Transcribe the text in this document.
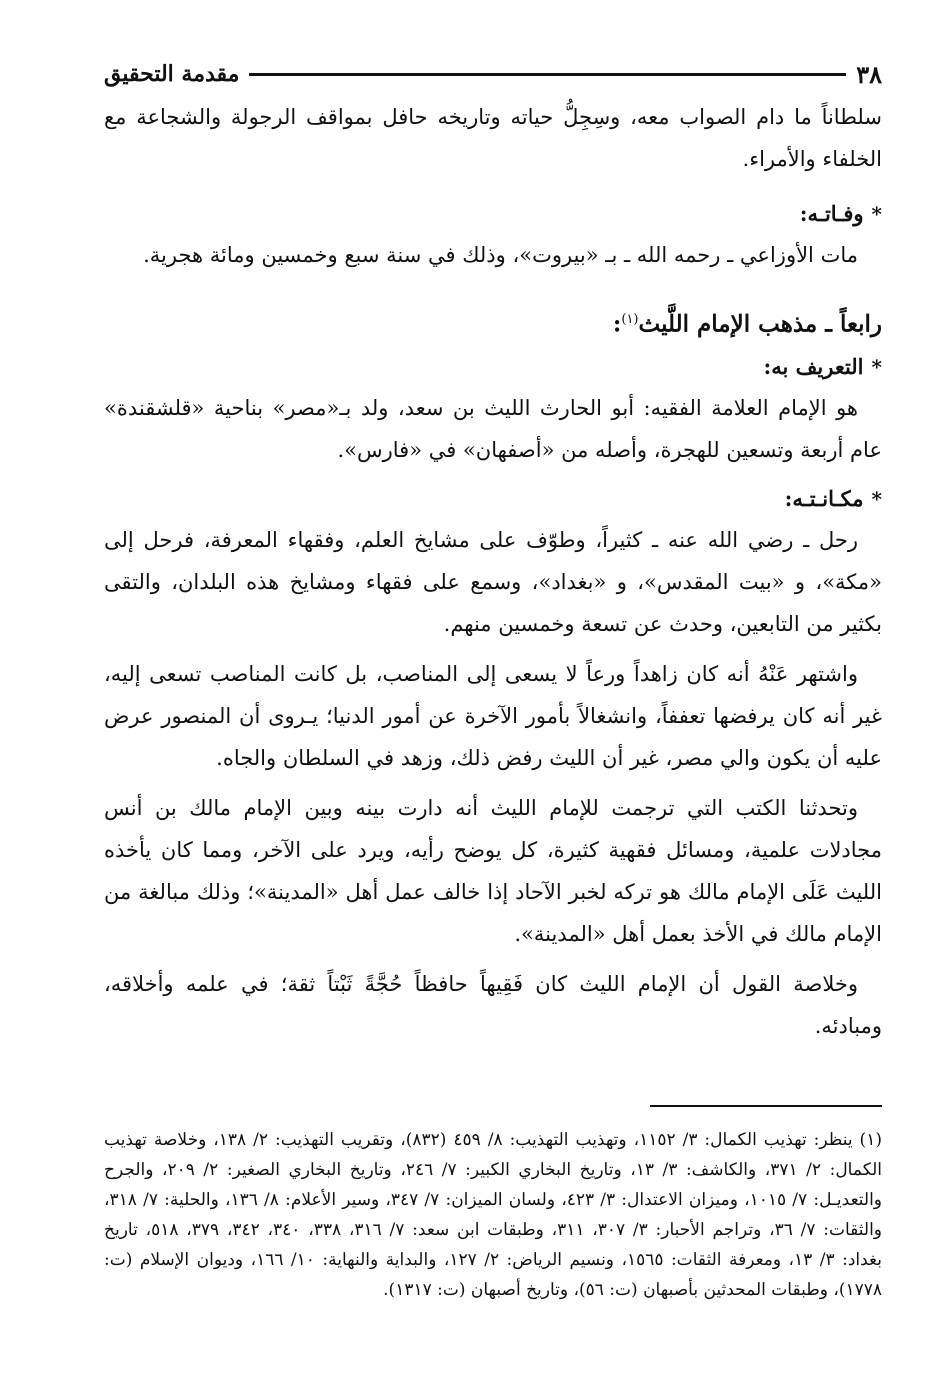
٣٨
مقدمة التحقيق

سلطاناً ما دام الصواب معه، وسِجِلُّ حياته وتاريخه حافل بمواقف الرجولة والشجاعة مع الخلفاء والأمراء.

*وفـاتـه:

مات الأوزاعي ـ رحمه الله ـ بـ «بيروت»، وذلك في سنة سبع وخمسين ومائة هجرية.

رابعاً ـ مذهب الإمام اللَّيث$^{(١)}$:
*التعريف به:

هو الإمام العلامة الفقيه: أبو الحارث الليث بن سعد، ولد بـ«مصر» بناحية «قلشقندة» عام أربعة وتسعين للهجرة، وأصله من «أصفهان» في «فارس».

*مكـانـتـه:

رحل ـ رضي الله عنه ـ كثيراً، وطوّف على مشايخ العلم، وفقهاء المعرفة، فرحل إلى «مكة»، و «بيت المقدس»، و «بغداد»، وسمع على فقهاء ومشايخ هذه البلدان، والتقى بكثير من التابعين، وحدث عن تسعة وخمسين منهم.

واشتهر عَنْهُ أنه كان زاهداً ورعاً لا يسعى إلى المناصب، بل كانت المناصب تسعى إليه، غير أنه كان يرفضها تعففاً، وانشغالاً بأمور الآخرة عن أمور الدنيا؛ يـروى أن المنصور عرض عليه أن يكون والي مصر، غير أن الليث رفض ذلك، وزهد في السلطان والجاه.

وتحدثنا الكتب التي ترجمت للإمام الليث أنه دارت بينه وبين الإمام مالك بن أنس مجادلات علمية، ومسائل فقهية كثيرة، كل يوضح رأيه، ويرد على الآخر، ومما كان يأخذه الليث عَلَى الإمام مالك هو تركه لخبر الآحاد إذا خالف عمل أهل «المدينة»؛ وذلك مبالغة من الإمام مالك في الأخذ بعمل أهل «المدينة».

وخلاصة القول أن الإمام الليث كان فَقِيهاً حافظاً حُجَّةً ثَبْتاً ثقة؛ في علمه وأخلاقه، ومبادئه.

(١) ينظر: تهذيب الكمال: ٣/ ١١٥٢، وتهذيب التهذيب: ٨/ ٤٥٩ (٨٣٢)، وتقريب التهذيب: ٢/ ١٣٨، وخلاصة تهذيب الكمال: ٢/ ٣٧١، والكاشف: ٣/ ١٣، وتاريخ البخاري الكبير: ٧/ ٢٤٦، وتاريخ البخاري الصغير: ٢/ ٢٠٩، والجرح والتعديـل: ٧/ ١٠١٥، وميزان الاعتدال: ٣/ ٤٢٣، ولسان الميزان: ٧/ ٣٤٧، وسير الأعلام: ٨/ ١٣٦، والحلية: ٧/ ٣١٨، والثقات: ٧/ ٣٦، وتراجم الأحبار: ٣/ ٣٠٧، ٣١١، وطبقات ابن سعد: ٧/ ٣١٦، ٣٣٨، ٣٤٠، ٣٤٢، ٣٧٩، ٥١٨، تاريخ بغداد: ٣/ ١٣، ومعرفة الثقات: ١٥٦٥، ونسيم الرياض: ٢/ ١٢٧، والبداية والنهاية: ١٠/ ١٦٦، وديوان الإسلام (ت: ١٧٧٨)، وطبقات المحدثين بأصبهان (ت: ٥٦)، وتاريخ أصبهان (ت: ١٣١٧).
